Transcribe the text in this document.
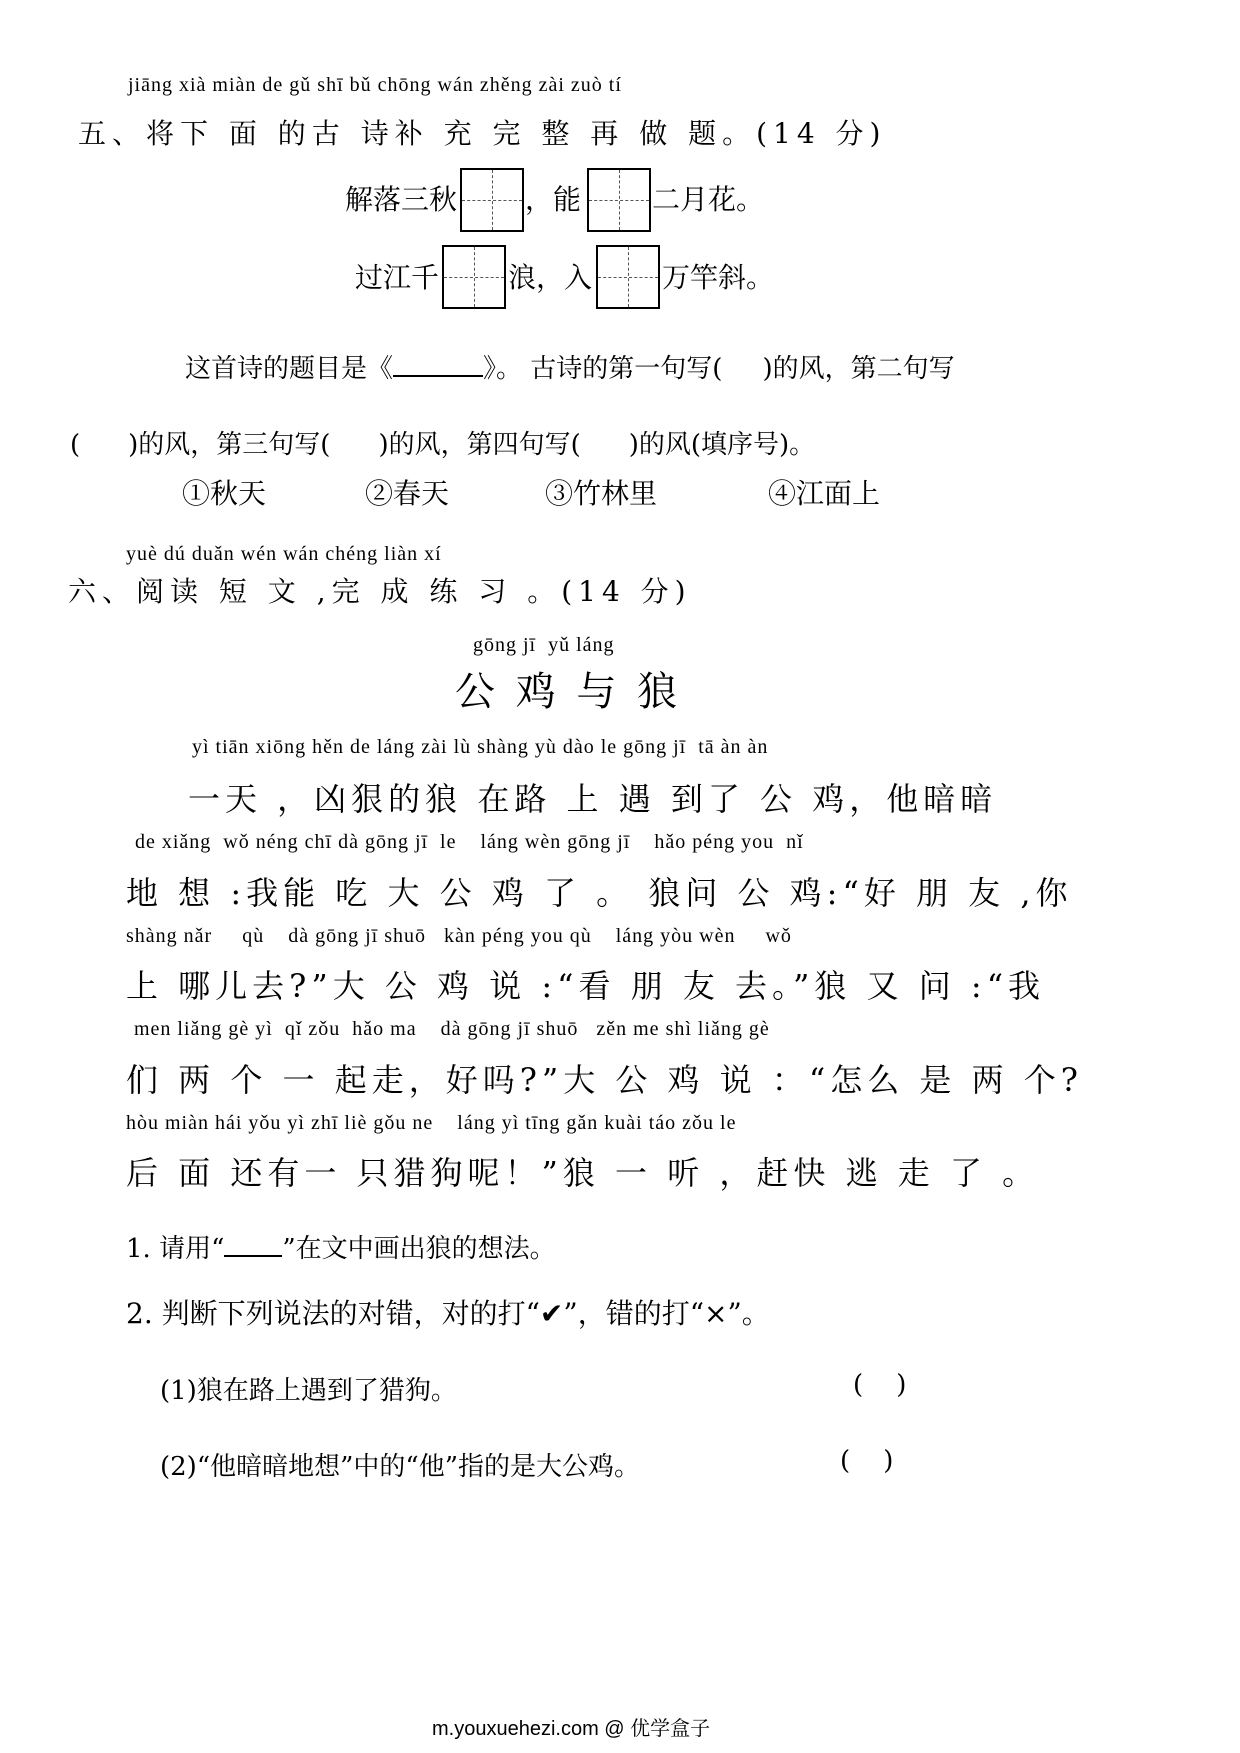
jiāng xià miàn de gǔ shī bǔ chōng wán zhěng zài zuò tí
五、将下 面 的古 诗补 充 完 整 再 做 题。(14 分)
解落三秋 ，能	二月花。
过江千 浪，入 万竿斜。
这首诗的题目是《	》。 古诗的第一句写( )的风，第二句写
( )的风，第三句写( )的风，第四句写( )的风(填序号)。
①秋天	②春天	③竹林里	④江面上
yuè dú duǎn wén wán chéng liàn xí
六、阅读 短 文 ,完 成 练 习 。(14 分)
gōng jī  yǔ láng
公 鸡 与 狼
yì tiān xiōng hěn de láng zài lù shàng yù dào le gōng jī  tā àn àn
一天 ，凶狠的狼 在路 上 遇 到了 公 鸡，他暗暗
de xiǎng  wǒ néng chī dà gōng jī  le    láng wèn gōng jī    hǎo péng you  nǐ
地 想 :我能 吃 大 公 鸡 了 。 狼问 公 鸡:“好 朋 友 ,你
shàng nǎr     qù    dà gōng jī shuō   kàn péng you qù    láng yòu wèn     wǒ
上 哪儿去?”大 公 鸡 说 :“看 朋 友 去。”狼 又 问 :“我
men liǎng gè yì  qǐ zǒu  hǎo ma    dà gōng jī shuō   zěn me shì liǎng gè
们 两 个 一 起走，好吗?”大 公 鸡 说 ：“怎么 是 两 个?
hòu miàn hái yǒu yì zhī liè gǒu ne    láng yì tīng gǎn kuài táo zǒu le
后 面 还有一 只猎狗呢！”狼 一 听 ，赶快 逃 走 了 。
1. 请用“ ”在文中画出狼的想法。
2. 判断下列说法的对错，对的打“✔”，错的打“×”。
(1)狼在路上遇到了猎狗。	(    )
(2)“他暗暗地想”中的“他”指的是大公鸡。	(    )
m.youxuehezi.com @ 优学盒子
